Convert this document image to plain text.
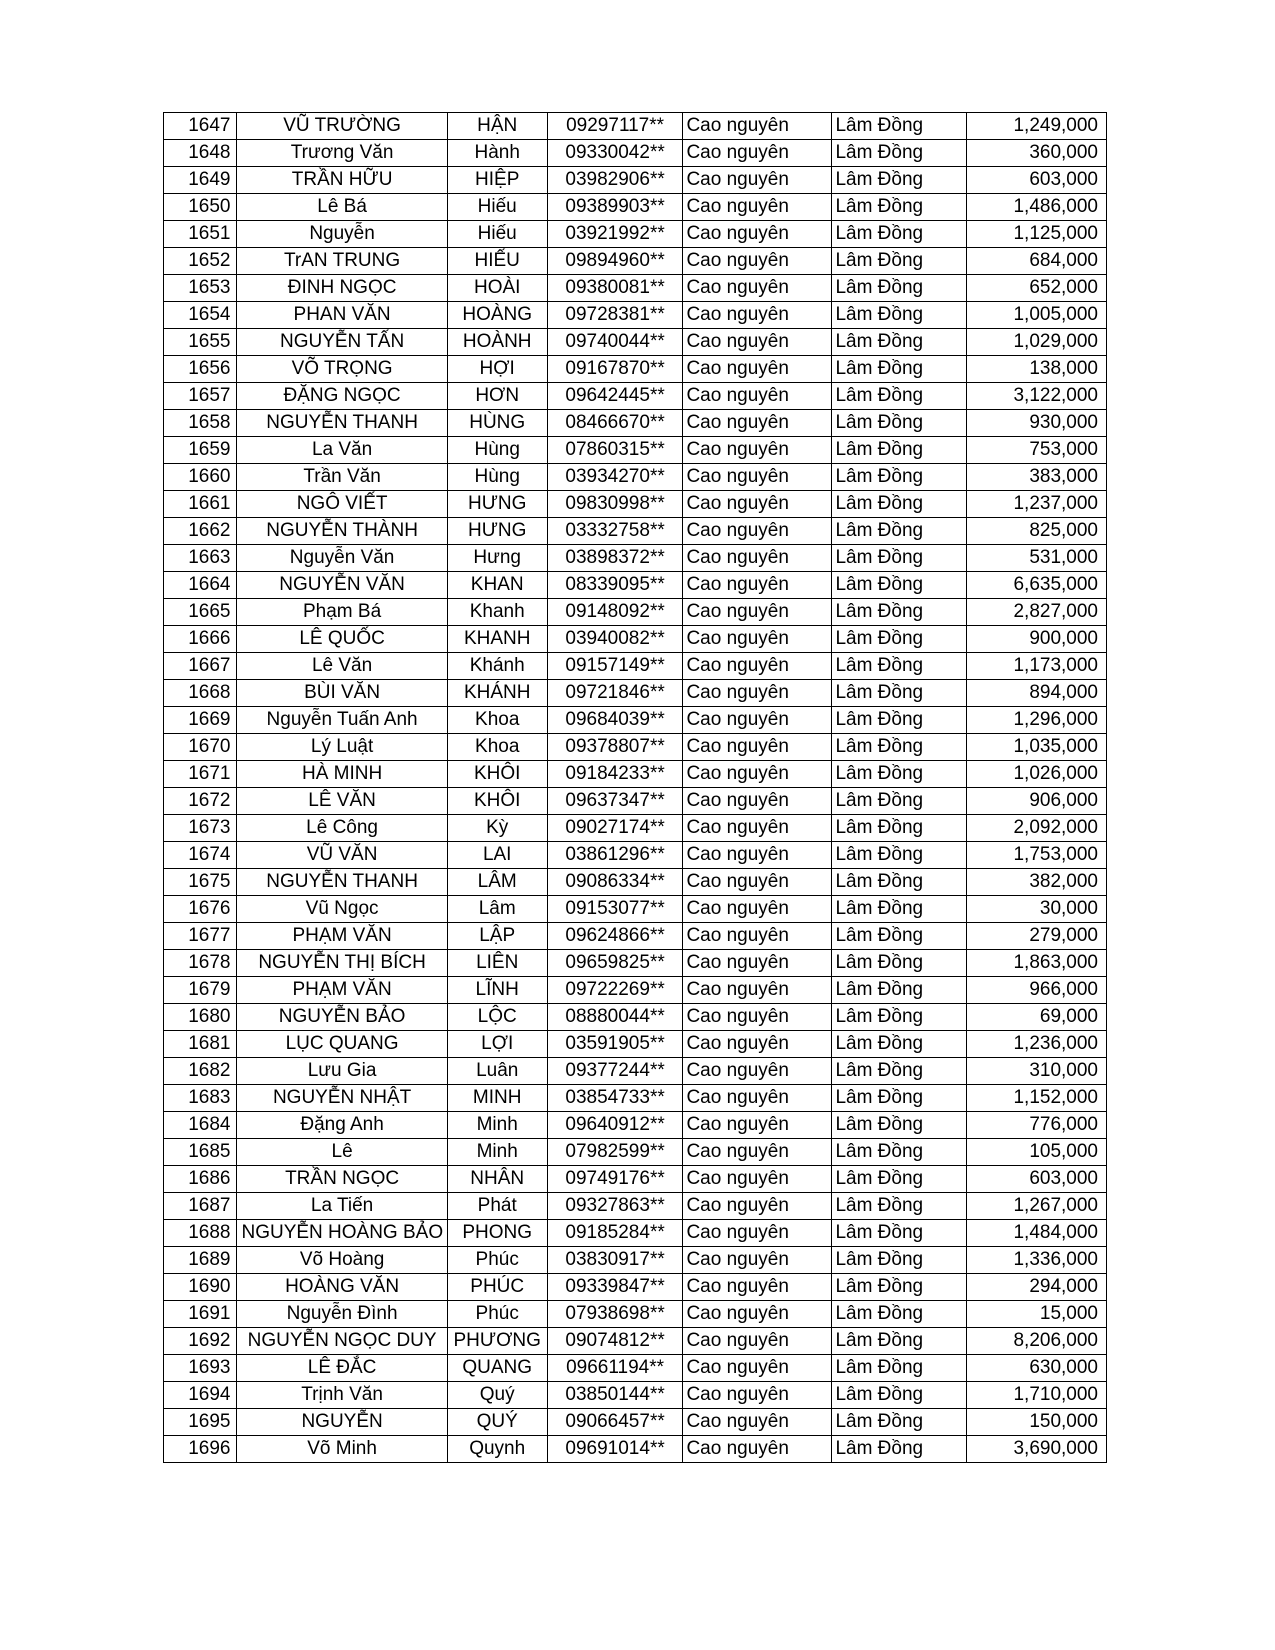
1647	VŨ TRƯỜNG	HẬN	09297117**	Cao nguyên	Lâm Đồng	1,249,000
1648	Trương Văn	Hành	09330042**	Cao nguyên	Lâm Đồng	360,000
1649	TRẦN HỮU	HIỆP	03982906**	Cao nguyên	Lâm Đồng	603,000
1650	Lê Bá	Hiếu	09389903**	Cao nguyên	Lâm Đồng	1,486,000
1651	Nguyễn	Hiếu	03921992**	Cao nguyên	Lâm Đồng	1,125,000
1652	TrAN TRUNG	HIẾU	09894960**	Cao nguyên	Lâm Đồng	684,000
1653	ĐINH NGỌC	HOÀI	09380081**	Cao nguyên	Lâm Đồng	652,000
1654	PHAN VĂN	HOÀNG	09728381**	Cao nguyên	Lâm Đồng	1,005,000
1655	NGUYỄN TẤN	HOÀNH	09740044**	Cao nguyên	Lâm Đồng	1,029,000
1656	VÕ TRỌNG	HỢI	09167870**	Cao nguyên	Lâm Đồng	138,000
1657	ĐẶNG NGỌC	HƠN	09642445**	Cao nguyên	Lâm Đồng	3,122,000
1658	NGUYỄN THANH	HÙNG	08466670**	Cao nguyên	Lâm Đồng	930,000
1659	La Văn	Hùng	07860315**	Cao nguyên	Lâm Đồng	753,000
1660	Trần Văn	Hùng	03934270**	Cao nguyên	Lâm Đồng	383,000
1661	NGÔ VIẾT	HƯNG	09830998**	Cao nguyên	Lâm Đồng	1,237,000
1662	NGUYỄN THÀNH	HƯNG	03332758**	Cao nguyên	Lâm Đồng	825,000
1663	Nguyễn Văn	Hưng	03898372**	Cao nguyên	Lâm Đồng	531,000
1664	NGUYỄN VĂN	KHAN	08339095**	Cao nguyên	Lâm Đồng	6,635,000
1665	Phạm Bá	Khanh	09148092**	Cao nguyên	Lâm Đồng	2,827,000
1666	LÊ QUỐC	KHANH	03940082**	Cao nguyên	Lâm Đồng	900,000
1667	Lê Văn	Khánh	09157149**	Cao nguyên	Lâm Đồng	1,173,000
1668	BÙI VĂN	KHÁNH	09721846**	Cao nguyên	Lâm Đồng	894,000
1669	Nguyễn Tuấn Anh	Khoa	09684039**	Cao nguyên	Lâm Đồng	1,296,000
1670	Lý Luật	Khoa	09378807**	Cao nguyên	Lâm Đồng	1,035,000
1671	HÀ MINH	KHÔI	09184233**	Cao nguyên	Lâm Đồng	1,026,000
1672	LÊ VĂN	KHÔI	09637347**	Cao nguyên	Lâm Đồng	906,000
1673	Lê Công	Kỳ	09027174**	Cao nguyên	Lâm Đồng	2,092,000
1674	VŨ VĂN	LAI	03861296**	Cao nguyên	Lâm Đồng	1,753,000
1675	NGUYỄN THANH	LÂM	09086334**	Cao nguyên	Lâm Đồng	382,000
1676	Vũ Ngọc	Lâm	09153077**	Cao nguyên	Lâm Đồng	30,000
1677	PHẠM VĂN	LẬP	09624866**	Cao nguyên	Lâm Đồng	279,000
1678	NGUYỄN THỊ BÍCH	LIÊN	09659825**	Cao nguyên	Lâm Đồng	1,863,000
1679	PHẠM VĂN	LĨNH	09722269**	Cao nguyên	Lâm Đồng	966,000
1680	NGUYỄN BẢO	LỘC	08880044**	Cao nguyên	Lâm Đồng	69,000
1681	LỤC QUANG	LỢI	03591905**	Cao nguyên	Lâm Đồng	1,236,000
1682	Lưu Gia	Luân	09377244**	Cao nguyên	Lâm Đồng	310,000
1683	NGUYỄN NHẬT	MINH	03854733**	Cao nguyên	Lâm Đồng	1,152,000
1684	Đặng Anh	Minh	09640912**	Cao nguyên	Lâm Đồng	776,000
1685	Lê	Minh	07982599**	Cao nguyên	Lâm Đồng	105,000
1686	TRẦN NGỌC	NHÂN	09749176**	Cao nguyên	Lâm Đồng	603,000
1687	La Tiến	Phát	09327863**	Cao nguyên	Lâm Đồng	1,267,000
1688	NGUYỄN HOÀNG BẢO	PHONG	09185284**	Cao nguyên	Lâm Đồng	1,484,000
1689	Võ Hoàng	Phúc	03830917**	Cao nguyên	Lâm Đồng	1,336,000
1690	HOÀNG VĂN	PHÚC	09339847**	Cao nguyên	Lâm Đồng	294,000
1691	Nguyễn Đình	Phúc	07938698**	Cao nguyên	Lâm Đồng	15,000
1692	NGUYỄN NGỌC DUY	PHƯƠNG	09074812**	Cao nguyên	Lâm Đồng	8,206,000
1693	LÊ ĐẮC	QUANG	09661194**	Cao nguyên	Lâm Đồng	630,000
1694	Trịnh Văn	Quý	03850144**	Cao nguyên	Lâm Đồng	1,710,000
1695	NGUYỄN	QUÝ	09066457**	Cao nguyên	Lâm Đồng	150,000
1696	Võ Minh	Quynh	09691014**	Cao nguyên	Lâm Đồng	3,690,000
